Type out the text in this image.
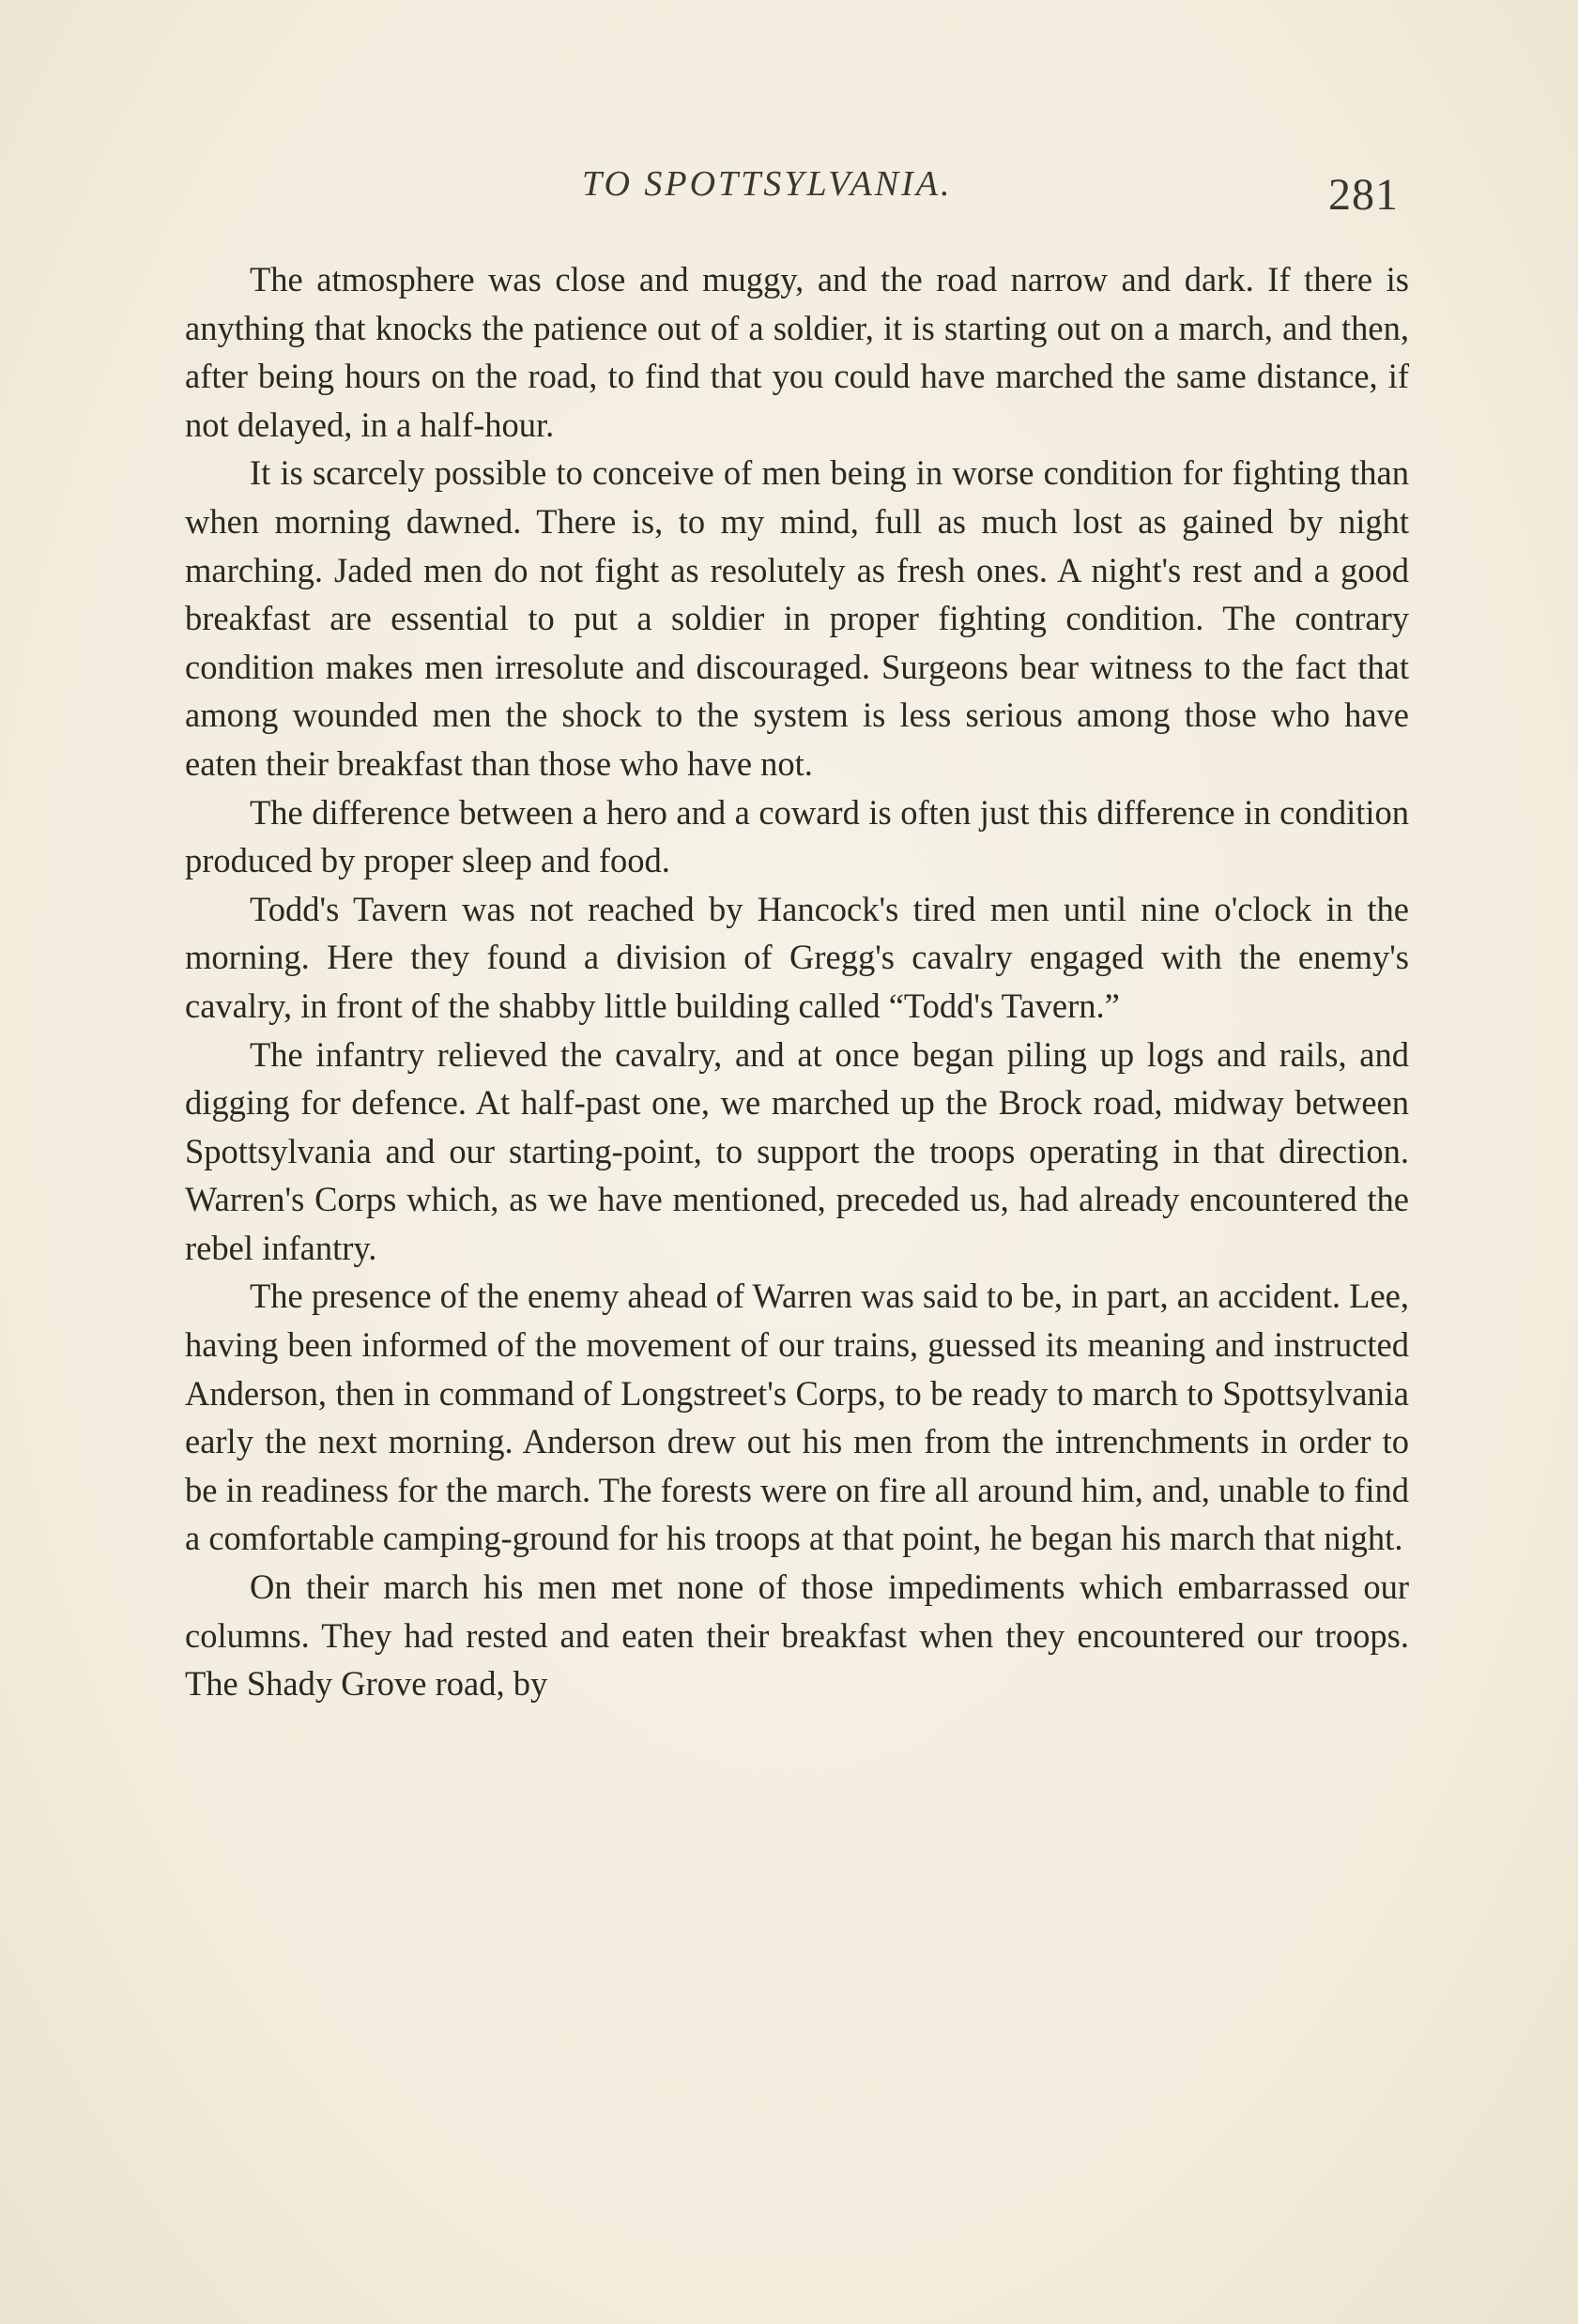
TO SPOTTSYLVANIA.	281

The atmosphere was close and muggy, and the road narrow and dark. If there is anything that knocks the patience out of a soldier, it is starting out on a march, and then, after being hours on the road, to find that you could have marched the same distance, if not delayed, in a half-hour.

It is scarcely possible to conceive of men being in worse condition for fighting than when morning dawned. There is, to my mind, full as much lost as gained by night marching. Jaded men do not fight as resolutely as fresh ones. A night's rest and a good breakfast are essential to put a soldier in proper fighting condition. The contrary condition makes men irresolute and discouraged. Surgeons bear witness to the fact that among wounded men the shock to the system is less serious among those who have eaten their breakfast than those who have not.

The difference between a hero and a coward is often just this difference in condition produced by proper sleep and food.

Todd's Tavern was not reached by Hancock's tired men until nine o'clock in the morning. Here they found a division of Gregg's cavalry engaged with the enemy's cavalry, in front of the shabby little building called “Todd's Tavern.”

The infantry relieved the cavalry, and at once began piling up logs and rails, and digging for defence. At half-past one, we marched up the Brock road, midway between Spottsylvania and our starting-point, to support the troops operating in that direction. Warren's Corps which, as we have mentioned, preceded us, had already encountered the rebel infantry.

The presence of the enemy ahead of Warren was said to be, in part, an accident. Lee, having been informed of the movement of our trains, guessed its meaning and instructed Anderson, then in command of Longstreet's Corps, to be ready to march to Spottsylvania early the next morning. Anderson drew out his men from the intrenchments in order to be in readiness for the march. The forests were on fire all around him, and, unable to find a comfortable camping-ground for his troops at that point, he began his march that night.

On their march his men met none of those impediments which embarrassed our columns. They had rested and eaten their breakfast when they encountered our troops. The Shady Grove road, by
